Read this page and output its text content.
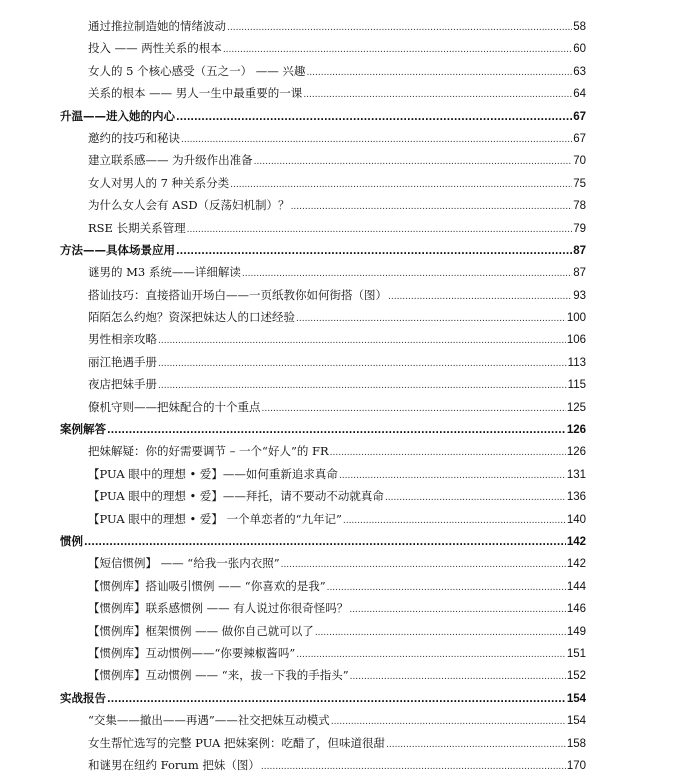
通过推拉制造她的情绪波动 .....	58
投入 —— 两性关系的根本 .....	60
女人的 5 个核心感受（五之一） —— 兴趣 .....	63
关系的根本 —— 男人一生中最重要的一课 .....	64
升温——进入她的内心 .....	67
邀约的技巧和秘诀 .....	67
建立联系感—— 为升级作出准备 .....	70
女人对男人的 7 种关系分类 .....	75
为什么女人会有 ASD（反荡妇机制）？ .....	78
RSE 长期关系管理 .....	79
方法——具体场景应用 .....	87
谜男的 M3 系统——详细解读 .....	87
搭讪技巧：直接搭讪开场白——一页纸教你如何街搭（图） .....	93
陌陌怎么约炮？资深把妹达人的口述经验 .....	100
男性相亲攻略 .....	106
丽江艳遇手册 .....	113
夜店把妹手册 .....	115
僚机守则——把妹配合的十个重点 .....	125
案例解答 .....	126
把妹解疑：你的好需要调节 – 一个“好人”的 FR .....	126
【PUA 眼中的理想 • 爱】——如何重新追求真命 .....	131
【PUA 眼中的理想 • 爱】——拜托，请不要动不动就真命 .....	136
【PUA 眼中的理想 • 爱】 一个单恋者的“九年记” .....	140
惯例 .....	142
【短信惯例】 —— “给我一张内衣照” .....	142
【惯例库】搭讪吸引惯例 —— “你喜欢的是我” .....	144
【惯例库】联系感惯例 —— 有人说过你很奇怪吗？ .....	146
【惯例库】框架惯例 —— 做你自己就可以了 .....	149
【惯例库】互动惯例——“你要辣椒酱吗” .....	151
【惯例库】互动惯例 —— “来，拔一下我的手指头” .....	152
实战报告 .....	154
“交集——撤出——再遇”——社交把妹互动模式 .....	154
女生帮忙选写的完整 PUA 把妹案例：吃醋了，但味道很甜 .....	158
和谜男在纽约 Forum 把妹（图） .....	170
